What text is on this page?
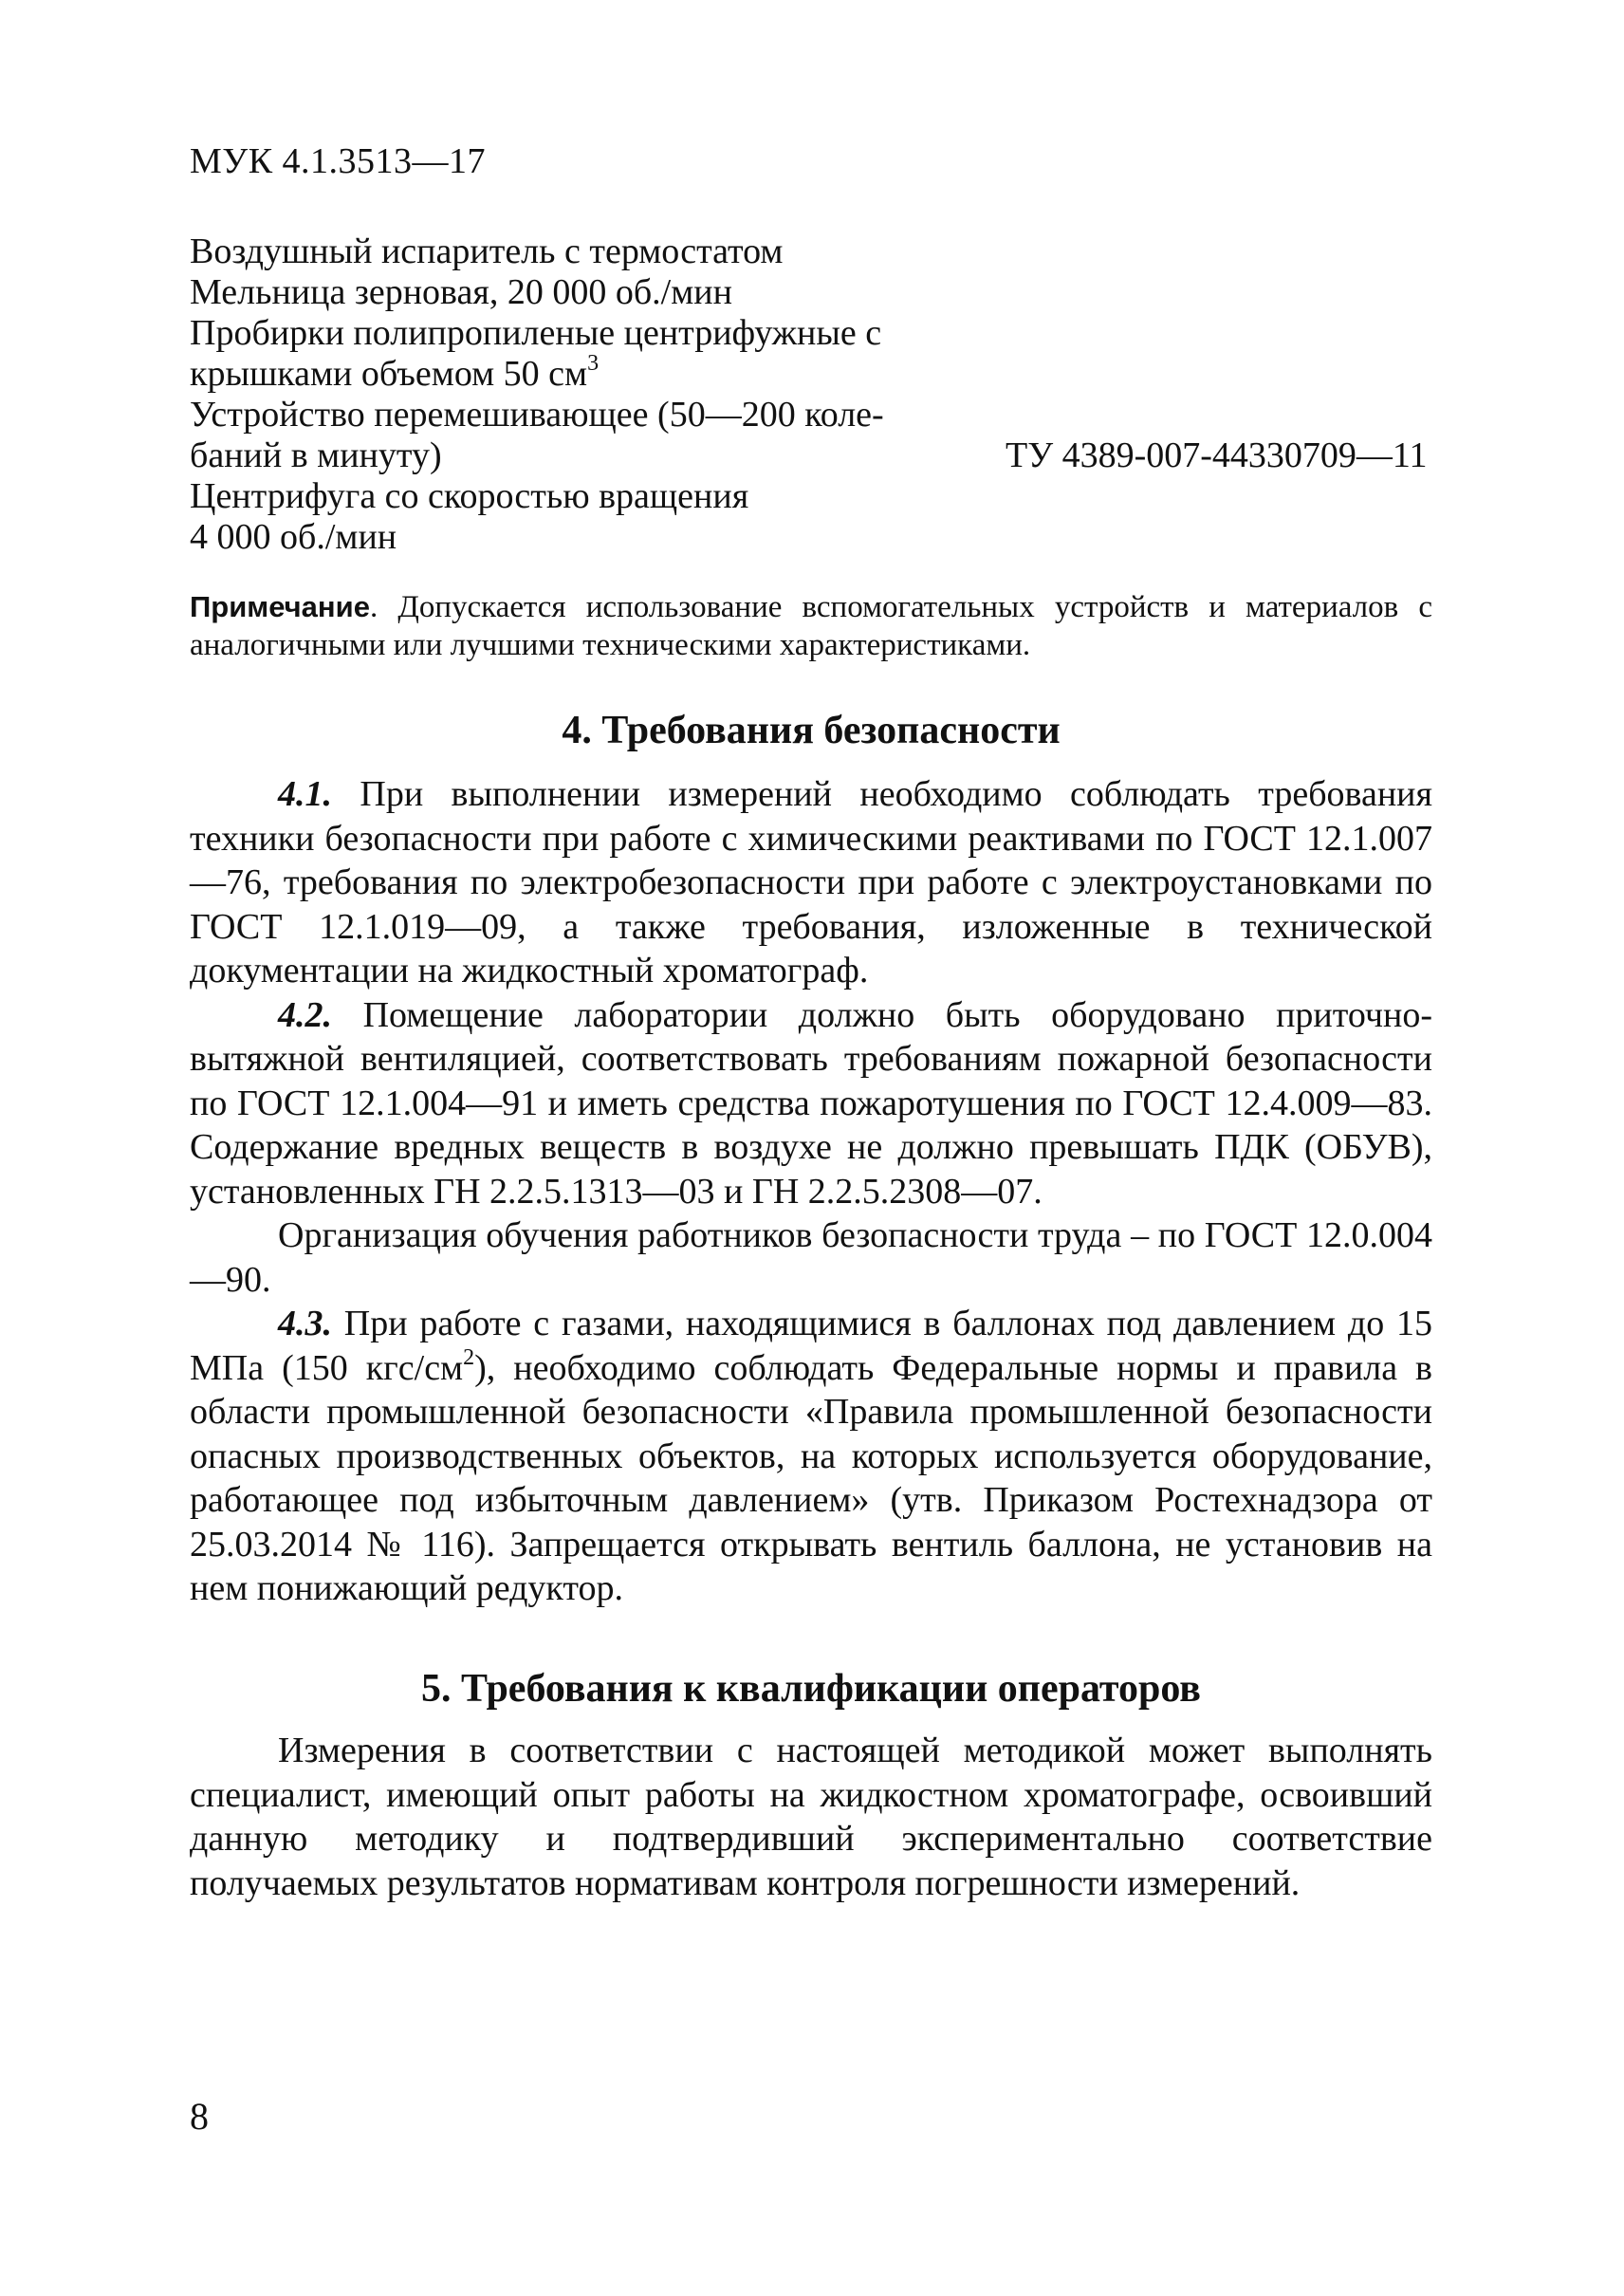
МУК 4.1.3513—17
Воздушный испаритель с термостатом
Мельница зерновая, 20 000 об./мин
Пробирки полипропиленые центрифужные с
крышками объемом 50 $см^3$
Устройство перемешивающее (50—200 коле-
баний в минуту)	ТУ 4389-007-44330709—11
Центрифуга со скоростью вращения
4 000 об./мин
Примечание. Допускается использование вспомогательных устройств и материалов с аналогичными или лучшими техническими характеристиками.
4. Требования безопасности

4.1. При выполнении измерений необходимо соблюдать требования техники безопасности при работе с химическими реактивами по ГОСТ 12.1.007—76, требования по электробезопасности при работе с электроустановками по ГОСТ 12.1.019—09, а также требования, изложенные в технической документации на жидкостный хроматограф.

4.2. Помещение лаборатории должно быть оборудовано приточно-вытяжной вентиляцией, соответствовать требованиям пожарной безопасности по ГОСТ 12.1.004—91 и иметь средства пожаротушения по ГОСТ 12.4.009—83. Содержание вредных веществ в воздухе не должно превышать ПДК (ОБУВ), установленных ГН 2.2.5.1313—03 и ГН 2.2.5.2308—07.

Организация обучения работников безопасности труда – по ГОСТ 12.0.004—90.

4.3. При работе с газами, находящимися в баллонах под давлением до 15 МПа (150 кгс/$см^2$), необходимо соблюдать Федеральные нормы и правила в области промышленной безопасности «Правила промышленной безопасности опасных производственных объектов, на которых используется оборудование, работающее под избыточным давлением» (утв. Приказом Ростехнадзора от 25.03.2014 № 116). Запрещается открывать вентиль баллона, не установив на нем понижающий редуктор.

5. Требования к квалификации операторов

Измерения в соответствии с настоящей методикой может выполнять специалист, имеющий опыт работы на жидкостном хроматографе, освоивший данную методику и подтвердивший экспериментально соответствие получаемых результатов нормативам контроля погрешности измерений.

8
